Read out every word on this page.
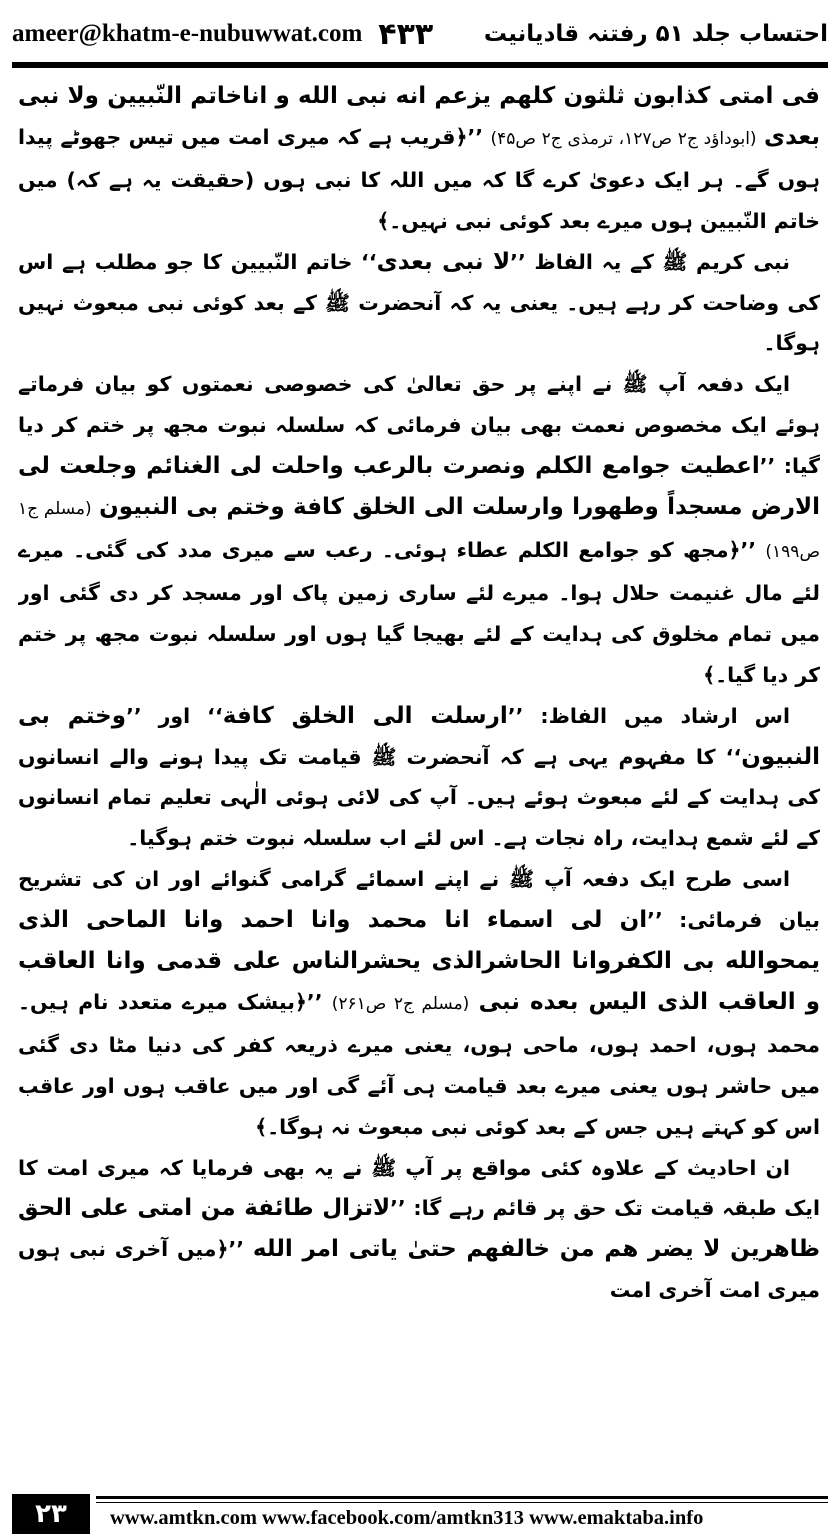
ameer@khatm-e-nubuwwat.com ۴۳۳ احتساب جلد ۵۱ رفتنہ قادیانیت

فی امتی کذابون ثلثون کلهم یزعم انه نبی الله و اناخاتم النّبیین ولا نبی بعدی (ابوداؤد ج۲ ص۱۲۷، ترمذی ج۲ ص۴۵) ’’﴿قریب ہے کہ میری امت میں تیس جھوٹے پیدا ہوں گے۔ ہر ایک دعویٰ کرے گا کہ میں اللہ کا نبی ہوں (حقیقت یہ ہے کہ) میں خاتم النّبیین ہوں میرے بعد کوئی نبی نہیں۔﴾

نبی کریم ﷺ کے یہ الفاظ ’’لا نبی بعدی‘‘ خاتم النّبیین کا جو مطلب ہے اس کی وضاحت کر رہے ہیں۔ یعنی یہ کہ آنحضرت ﷺ کے بعد کوئی نبی مبعوث نہیں ہوگا۔

ایک دفعہ آپ ﷺ نے اپنے پر حق تعالیٰ کی خصوصی نعمتوں کو بیان فرماتے ہوئے ایک مخصوص نعمت بھی بیان فرمائی کہ سلسلہ نبوت مجھ پر ختم کر دیا گیا: ’’اعطیت جوامع الکلم ونصرت بالرعب واحلت لی الغنائم وجلعت لی الارض مسجداً وطهورا وارسلت الی الخلق کافة وختم بی النبیون (مسلم ج۱ ص۱۹۹) ’’﴿مجھ کو جوامع الکلم عطاء ہوئی۔ رعب سے میری مدد کی گئی۔ میرے لئے مال غنیمت حلال ہوا۔ میرے لئے ساری زمین پاک اور مسجد کر دی گئی اور میں تمام مخلوق کی ہدایت کے لئے بھیجا گیا ہوں اور سلسلہ نبوت مجھ پر ختم کر دیا گیا۔﴾

اس ارشاد میں الفاظ: ’’ارسلت الی الخلق کافة‘‘ اور ’’وختم بی النبیون‘‘ کا مفہوم یہی ہے کہ آنحضرت ﷺ قیامت تک پیدا ہونے والے انسانوں کی ہدایت کے لئے مبعوث ہوئے ہیں۔ آپ کی لائی ہوئی الٰہی تعلیم تمام انسانوں کے لئے شمع ہدایت، راہ نجات ہے۔ اس لئے اب سلسلہ نبوت ختم ہوگیا۔

اسی طرح ایک دفعہ آپ ﷺ نے اپنے اسمائے گرامی گنوائے اور ان کی تشریح بیان فرمائی: ’’ان لی اسماء انا محمد وانا احمد وانا الماحی الذی یمحوالله بی الکفروانا الحاشرالذی یحشرالناس علی قدمی وانا العاقب و العاقب الذی الیس بعده نبی (مسلم ج۲ ص۲۶۱) ’’﴿بیشک میرے متعدد نام ہیں۔ محمد ہوں، احمد ہوں، ماحی ہوں، یعنی میرے ذریعہ کفر کی دنیا مٹا دی گئی میں حاشر ہوں یعنی میرے بعد قیامت ہی آئے گی اور میں عاقب ہوں اور عاقب اس کو کہتے ہیں جس کے بعد کوئی نبی مبعوث نہ ہوگا۔﴾

ان احادیث کے علاوہ کئی مواقع پر آپ ﷺ نے یہ بھی فرمایا کہ میری امت کا ایک طبقہ قیامت تک حق پر قائم رہے گا: ’’لاتزال طائفة من امتی علی الحق ظاهرین لا یضر هم من خالفهم حتیٰ یاتی امر الله ’’﴿میں آخری نبی ہوں میری امت آخری امت

۲۳	www.amtkn.com www.facebook.com/amtkn313 www.emaktaba.info
